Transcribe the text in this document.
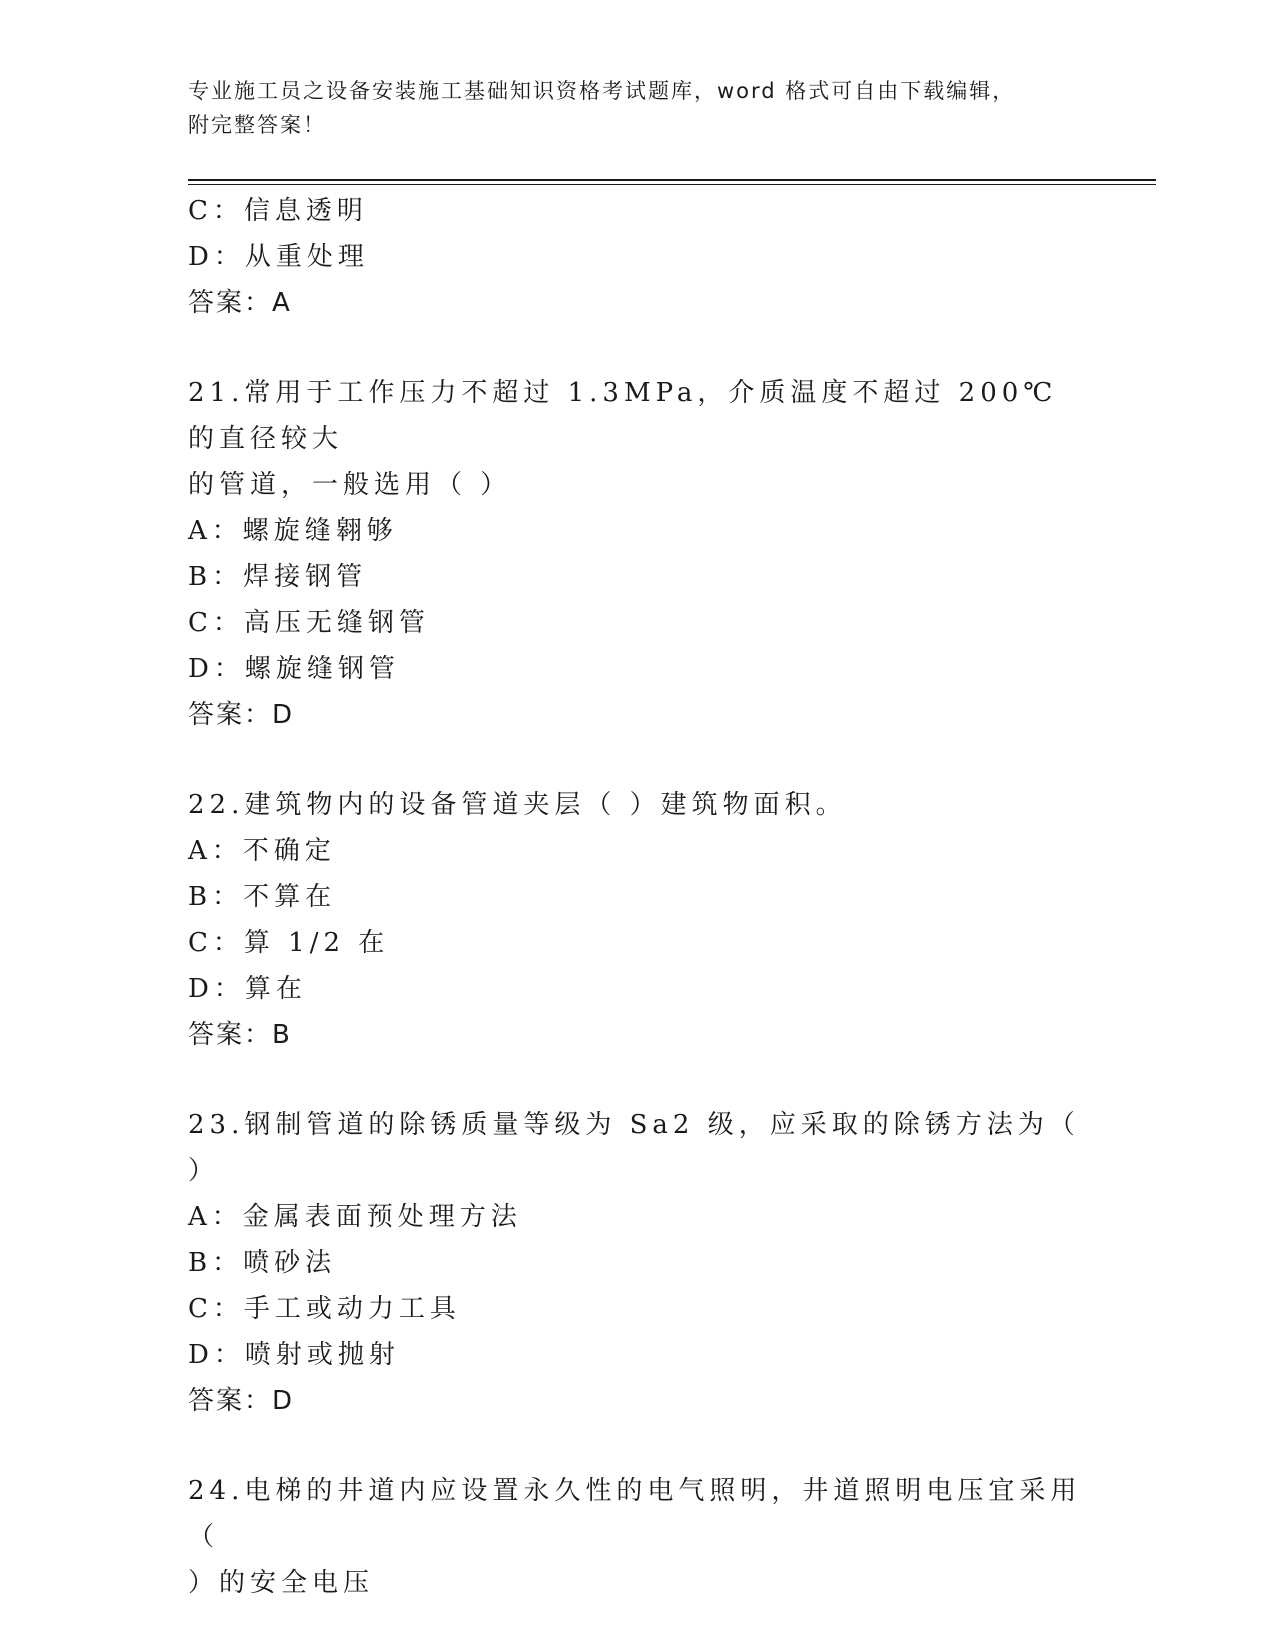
专业施工员之设备安装施工基础知识资格考试题库，word 格式可自由下载编辑，
附完整答案！
C：信息透明
D：从重处理
答案：A
21.常用于工作压力不超过 1.3MPa，介质温度不超过 200℃的直径较大
的管道，一般选用（ ）
A：螺旋缝翱够
B：焊接钢管
C：高压无缝钢管
D：螺旋缝钢管
答案：D
22.建筑物内的设备管道夹层（ ）建筑物面积。
A：不确定
B：不算在
C：算 1/2 在
D：算在
答案：B
23.钢制管道的除锈质量等级为 Sa2 级，应采取的除锈方法为（ ）
A：金属表面预处理方法
B：喷砂法
C：手工或动力工具
D：喷射或抛射
答案：D
24.电梯的井道内应设置永久性的电气照明，井道照明电压宜采用（
）的安全电压
